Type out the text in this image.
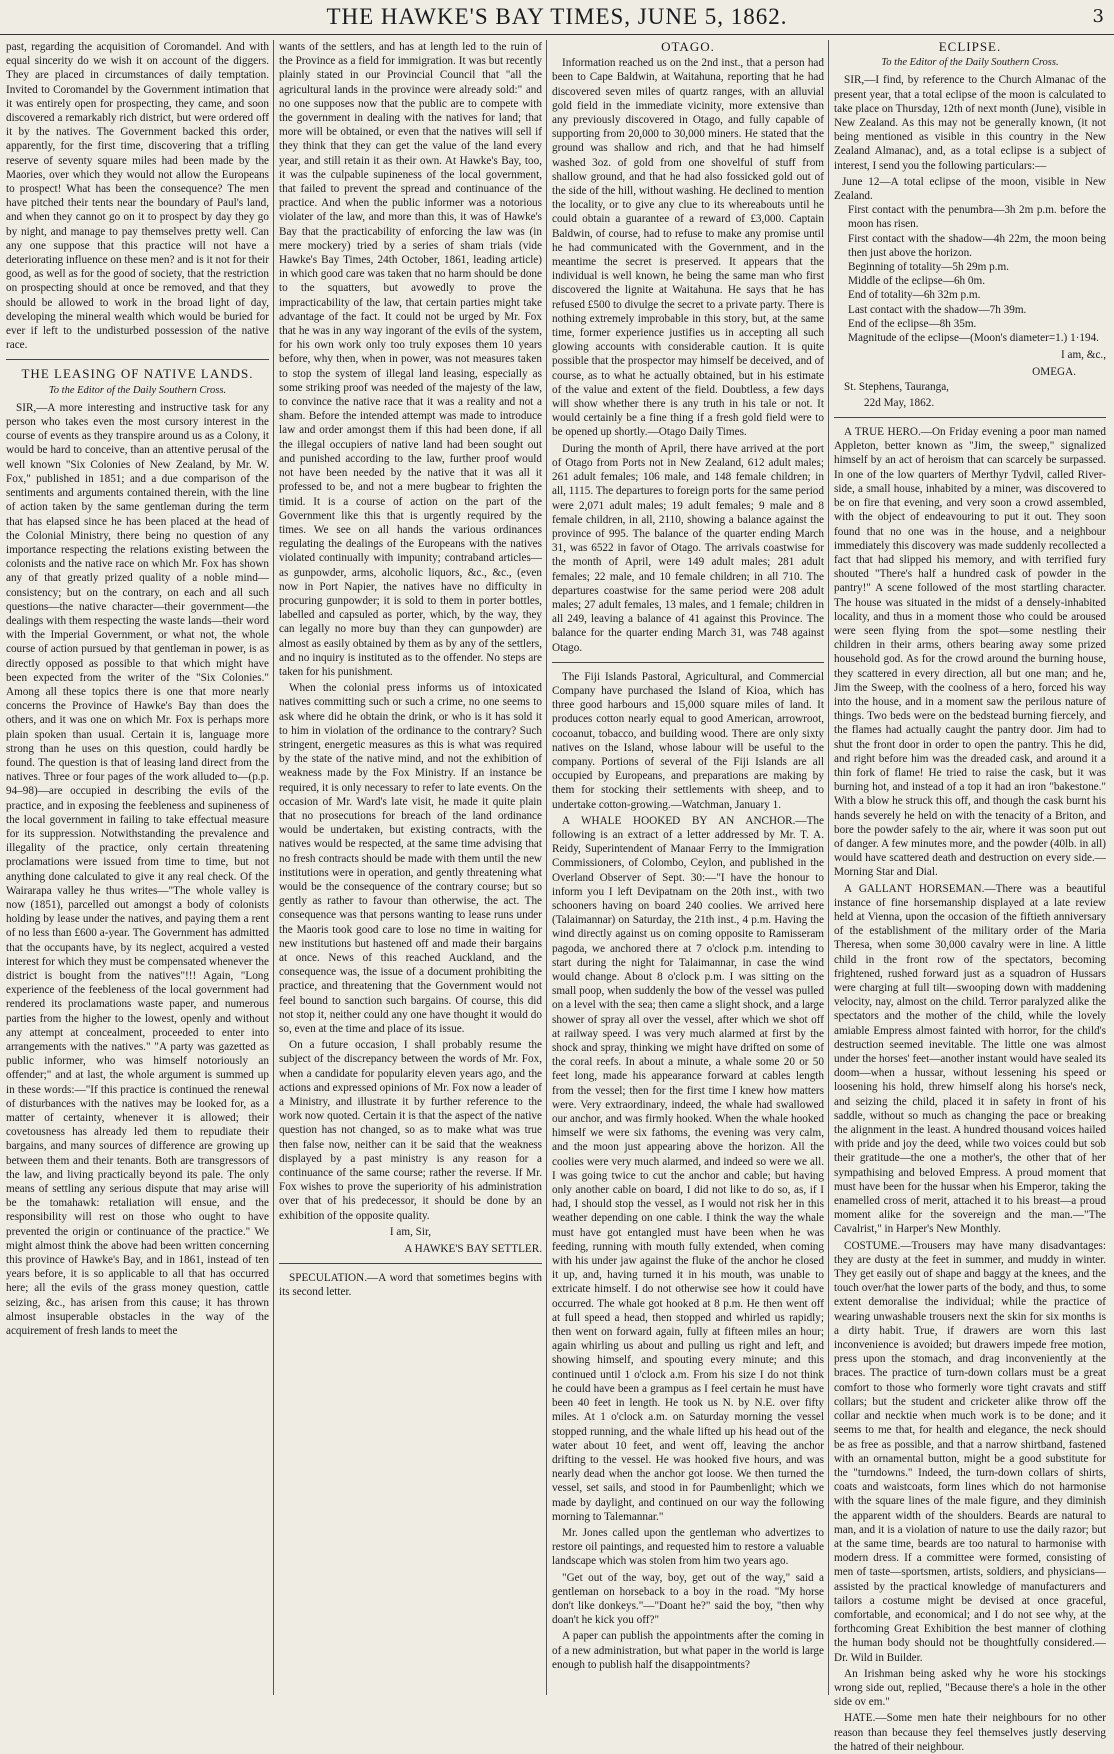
THE HAWKE'S BAY TIMES, JUNE 5, 1862.	3

past, regarding the acquisition of Coromandel. And with equal sincerity do we wish it on account of the diggers. They are placed in circumstances of daily temptation. Invited to Coromandel by the Government intimation that it was entirely open for prospecting, they came, and soon discovered a remarkably rich district, but were ordered off it by the natives. The Government backed this order, apparently, for the first time, discovering that a trifling reserve of seventy square miles had been made by the Maories, over which they would not allow the Europeans to prospect! What has been the consequence? The men have pitched their tents near the boundary of Paul's land, and when they cannot go on it to prospect by day they go by night, and manage to pay themselves pretty well. Can any one suppose that this practice will not have a deteriorating influence on these men? and is it not for their good, as well as for the good of society, that the restriction on prospecting should at once be removed, and that they should be allowed to work in the broad light of day, developing the mineral wealth which would be buried for ever if left to the undisturbed possession of the native race.

THE LEASING OF NATIVE LANDS.
To the Editor of the Daily Southern Cross.

SIR,—A more interesting and instructive task for any person who takes even the most cursory interest in the course of events as they transpire around us as a Colony, it would be hard to conceive, than an attentive perusal of the well known "Six Colonies of New Zealand, by Mr. W. Fox," published in 1851; and a due comparison of the sentiments and arguments contained therein, with the line of action taken by the same gentleman during the term that has elapsed since he has been placed at the head of the Colonial Ministry, there being no question of any importance respecting the relations existing between the colonists and the native race on which Mr. Fox has shown any of that greatly prized quality of a noble mind—consistency; but on the contrary, on each and all such questions—the native character—their government—the dealings with them respecting the waste lands—their word with the Imperial Government, or what not, the whole course of action pursued by that gentleman in power, is as directly opposed as possible to that which might have been expected from the writer of the "Six Colonies." Among all these topics there is one that more nearly concerns the Province of Hawke's Bay than does the others, and it was one on which Mr. Fox is perhaps more plain spoken than usual. Certain it is, language more strong than he uses on this question, could hardly be found. The question is that of leasing land direct from the natives. Three or four pages of the work alluded to—(p.p. 94–98)—are occupied in describing the evils of the practice, and in exposing the feebleness and supineness of the local government in failing to take effectual measure for its suppression. Notwithstanding the prevalence and illegality of the practice, only certain threatening proclamations were issued from time to time, but not anything done calculated to give it any real check. Of the Wairarapa valley he thus writes—"The whole valley is now (1851), parcelled out amongst a body of colonists holding by lease under the natives, and paying them a rent of no less than £600 a-year. The Government has admitted that the occupants have, by its neglect, acquired a vested interest for which they must be compensated whenever the district is bought from the natives"!!! Again, "Long experience of the feebleness of the local government had rendered its proclamations waste paper, and numerous parties from the higher to the lowest, openly and without any attempt at concealment, proceeded to enter into arrangements with the natives." "A party was gazetted as public informer, who was himself notoriously an offender;" and at last, the whole argument is summed up in these words:—"If this practice is continued the renewal of disturbances with the natives may be looked for, as a matter of certainty, whenever it is allowed; their covetousness has already led them to repudiate their bargains, and many sources of difference are growing up between them and their tenants. Both are transgressors of the law, and living practically beyond its pale. The only means of settling any serious dispute that may arise will be the tomahawk: retaliation will ensue, and the responsibility will rest on those who ought to have prevented the origin or continuance of the practice." We might almost think the above had been written concerning this province of Hawke's Bay, and in 1861, instead of ten years before, it is so applicable to all that has occurred here; all the evils of the grass money question, cattle seizing, &c., has arisen from this cause; it has thrown almost insuperable obstacles in the way of the acquirement of fresh lands to meet the

wants of the settlers, and has at length led to the ruin of the Province as a field for immigration. It was but recently plainly stated in our Provincial Council that "all the agricultural lands in the province were already sold:" and no one supposes now that the public are to compete with the government in dealing with the natives for land; that more will be obtained, or even that the natives will sell if they think that they can get the value of the land every year, and still retain it as their own. At Hawke's Bay, too, it was the culpable supineness of the local government, that failed to prevent the spread and continuance of the practice. And when the public informer was a notorious violater of the law, and more than this, it was of Hawke's Bay that the practicability of enforcing the law was (in mere mockery) tried by a series of sham trials (vide Hawke's Bay Times, 24th October, 1861, leading article) in which good care was taken that no harm should be done to the squatters, but avowedly to prove the impracticability of the law, that certain parties might take advantage of the fact. It could not be urged by Mr. Fox that he was in any way ingorant of the evils of the system, for his own work only too truly exposes them 10 years before, why then, when in power, was not measures taken to stop the system of illegal land leasing, especially as some striking proof was needed of the majesty of the law, to convince the native race that it was a reality and not a sham. Before the intended attempt was made to introduce law and order amongst them if this had been done, if all the illegal occupiers of native land had been sought out and punished according to the law, further proof would not have been needed by the native that it was all it professed to be, and not a mere bugbear to frighten the timid. It is a course of action on the part of the Government like this that is urgently required by the times. We see on all hands the various ordinances regulating the dealings of the Europeans with the natives violated continually with impunity; contraband articles—as gunpowder, arms, alcoholic liquors, &c., &c., (even now in Port Napier, the natives have no difficulty in procuring gunpowder; it is sold to them in porter bottles, labelled and capsuled as porter, which, by the way, they can legally no more buy than they can gunpowder) are almost as easily obtained by them as by any of the settlers, and no inquiry is instituted as to the offender. No steps are taken for his punishment.

When the colonial press informs us of intoxicated natives committing such or such a crime, no one seems to ask where did he obtain the drink, or who is it has sold it to him in violation of the ordinance to the contrary? Such stringent, energetic measures as this is what was required by the state of the native mind, and not the exhibition of weakness made by the Fox Ministry. If an instance be required, it is only necessary to refer to late events. On the occasion of Mr. Ward's late visit, he made it quite plain that no prosecutions for breach of the land ordinance would be undertaken, but existing contracts, with the natives would be respected, at the same time advising that no fresh contracts should be made with them until the new institutions were in operation, and gently threatening what would be the consequence of the contrary course; but so gently as rather to favour than otherwise, the act. The consequence was that persons wanting to lease runs under the Maoris took good care to lose no time in waiting for new institutions but hastened off and made their bargains at once. News of this reached Auckland, and the consequence was, the issue of a document prohibiting the practice, and threatening that the Government would not feel bound to sanction such bargains. Of course, this did not stop it, neither could any one have thought it would do so, even at the time and place of its issue.

On a future occasion, I shall probably resume the subject of the discrepancy between the words of Mr. Fox, when a candidate for popularity eleven years ago, and the actions and expressed opinions of Mr. Fox now a leader of a Ministry, and illustrate it by further reference to the work now quoted. Certain it is that the aspect of the native question has not changed, so as to make what was true then false now, neither can it be said that the weakness displayed by a past ministry is any reason for a continuance of the same course; rather the reverse. If Mr. Fox wishes to prove the superiority of his administration over that of his predecessor, it should be done by an exhibition of the opposite quality.

I am, Sir,

A HAWKE'S BAY SETTLER.

SPECULATION.—A word that sometimes begins with its second letter.

OTAGO.

Information reached us on the 2nd inst., that a person had been to Cape Baldwin, at Waitahuna, reporting that he had discovered seven miles of quartz ranges, with an alluvial gold field in the immediate vicinity, more extensive than any previously discovered in Otago, and fully capable of supporting from 20,000 to 30,000 miners. He stated that the ground was shallow and rich, and that he had himself washed 3oz. of gold from one shovelful of stuff from shallow ground, and that he had also fossicked gold out of the side of the hill, without washing. He declined to mention the locality, or to give any clue to its whereabouts until he could obtain a guarantee of a reward of £3,000. Captain Baldwin, of course, had to refuse to make any promise until he had communicated with the Government, and in the meantime the secret is preserved. It appears that the individual is well known, he being the same man who first discovered the lignite at Waitahuna. He says that he has refused £500 to divulge the secret to a private party. There is nothing extremely improbable in this story, but, at the same time, former experience justifies us in accepting all such glowing accounts with considerable caution. It is quite possible that the prospector may himself be deceived, and of course, as to what he actually obtained, but in his estimate of the value and extent of the field. Doubtless, a few days will show whether there is any truth in his tale or not. It would certainly be a fine thing if a fresh gold field were to be opened up shortly.—Otago Daily Times.

During the month of April, there have arrived at the port of Otago from Ports not in New Zealand, 612 adult males; 261 adult females; 106 male, and 148 female children; in all, 1115. The departures to foreign ports for the same period were 2,071 adult males; 19 adult females; 9 male and 8 female children, in all, 2110, showing a balance against the province of 995. The balance of the quarter ending March 31, was 6522 in favor of Otago. The arrivals coastwise for the month of April, were 149 adult males; 281 adult females; 22 male, and 10 female children; in all 710. The departures coastwise for the same period were 208 adult males; 27 adult females, 13 males, and 1 female; children in all 249, leaving a balance of 41 against this Province. The balance for the quarter ending March 31, was 748 against Otago.

The Fiji Islands Pastoral, Agricultural, and Commercial Company have purchased the Island of Kioa, which has three good harbours and 15,000 square miles of land. It produces cotton nearly equal to good American, arrowroot, cocoanut, tobacco, and building wood. There are only sixty natives on the Island, whose labour will be useful to the company. Portions of several of the Fiji Islands are all occupied by Europeans, and preparations are making by them for stocking their settlements with sheep, and to undertake cotton-growing.—Watchman, January 1.

A WHALE HOOKED BY AN ANCHOR.—The following is an extract of a letter addressed by Mr. T. A. Reidy, Superintendent of Manaar Ferry to the Immigration Commissioners, of Colombo, Ceylon, and published in the Overland Observer of Sept. 30:—"I have the honour to inform you I left Devipatnam on the 20th inst., with two schooners having on board 240 coolies. We arrived here (Talaimannar) on Saturday, the 21th inst., 4 p.m. Having the wind directly against us on coming opposite to Ramisseram pagoda, we anchored there at 7 o'clock p.m. intending to start during the night for Talaimannar, in case the wind would change. About 8 o'clock p.m. I was sitting on the small poop, when suddenly the bow of the vessel was pulled on a level with the sea; then came a slight shock, and a large shower of spray all over the vessel, after which we shot off at railway speed. I was very much alarmed at first by the shock and spray, thinking we might have drifted on some of the coral reefs. In about a minute, a whale some 20 or 50 feet long, made his appearance forward at cables length from the vessel; then for the first time I knew how matters were. Very extraordinary, indeed, the whale had swallowed our anchor, and was firmly hooked. When the whale hooked himself we were six fathoms, the evening was very calm, and the moon just appearing above the horizon. All the coolies were very much alarmed, and indeed so were we all. I was going twice to cut the anchor and cable; but having only another cable on board, I did not like to do so, as, if I had, I should stop the vessel, as I would not risk her in this weather depending on one cable. I think the way the whale must have got entangled must have been when he was feeding, running with mouth fully extended, when coming with his under jaw against the fluke of the anchor he closed it up, and, having turned it in his mouth, was unable to extricate himself. I do not otherwise see how it could have occurred. The whale got hooked at 8 p.m. He then went off at full speed a head, then stopped and whirled us rapidly; then went on forward again, fully at fifteen miles an hour; again whirling us about and pulling us right and left, and showing himself, and spouting every minute; and this continued until 1 o'clock a.m. From his size I do not think he could have been a grampus as I feel certain he must have been 40 feet in length. He took us N. by N.E. over fifty miles. At 1 o'clock a.m. on Saturday morning the vessel stopped running, and the whale lifted up his head out of the water about 10 feet, and went off, leaving the anchor drifting to the vessel. He was hooked five hours, and was nearly dead when the anchor got loose. We then turned the vessel, set sails, and stood in for Paumbenlight; which we made by daylight, and continued on our way the following morning to Talemannar."

Mr. Jones called upon the gentleman who advertizes to restore oil paintings, and requested him to restore a valuable landscape which was stolen from him two years ago.

"Get out of the way, boy, get out of the way," said a gentleman on horseback to a boy in the road. "My horse don't like donkeys."—"Doant he?" said the boy, "then why doan't he kick you off?"

A paper can publish the appointments after the coming in of a new administration, but what paper in the world is large enough to publish half the disappointments?

ECLIPSE.
To the Editor of the Daily Southern Cross.

SIR,—I find, by reference to the Church Almanac of the present year, that a total eclipse of the moon is calculated to take place on Thursday, 12th of next month (June), visible in New Zealand. As this may not be generally known, (it not being mentioned as visible in this country in the New Zealand Almanac), and, as a total eclipse is a subject of interest, I send you the following particulars:—

June 12—A total eclipse of the moon, visible in New Zealand.

First contact with the penumbra—3h 2m p.m. before the moon has risen.

First contact with the shadow—4h 22m, the moon being then just above the horizon.

Beginning of totality—5h 29m p.m.

Middle of the eclipse—6h 0m.

End of totality—6h 32m p.m.

Last contact with the shadow—7h 39m.

End of the eclipse—8h 35m.

Magnitude of the eclipse—(Moon's diameter=1.) 1·194.

I am, &c.,

OMEGA.

St. Stephens, Tauranga,

22d May, 1862.

A TRUE HERO.—On Friday evening a poor man named Appleton, better known as "Jim, the sweep," signalized himself by an act of heroism that can scarcely be surpassed. In one of the low quarters of Merthyr Tydvil, called River-side, a small house, inhabited by a miner, was discovered to be on fire that evening, and very soon a crowd assembled, with the object of endeavouring to put it out. They soon found that no one was in the house, and a neighbour immediately this discovery was made suddenly recollected a fact that had slipped his memory, and with terrified fury shouted "There's half a hundred cask of powder in the pantry!" A scene followed of the most startling character. The house was situated in the midst of a densely-inhabited locality, and thus in a moment those who could be aroused were seen flying from the spot—some nestling their children in their arms, others bearing away some prized household god. As for the crowd around the burning house, they scattered in every direction, all but one man; and he, Jim the Sweep, with the coolness of a hero, forced his way into the house, and in a moment saw the perilous nature of things. Two beds were on the bedstead burning fiercely, and the flames had actually caught the pantry door. Jim had to shut the front door in order to open the pantry. This he did, and right before him was the dreaded cask, and around it a thin fork of flame! He tried to raise the cask, but it was burning hot, and instead of a top it had an iron "bakestone." With a blow he struck this off, and though the cask burnt his hands severely he held on with the tenacity of a Briton, and bore the powder safely to the air, where it was soon put out of danger. A few minutes more, and the powder (40lb. in all) would have scattered death and destruction on every side.—Morning Star and Dial.

A GALLANT HORSEMAN.—There was a beautiful instance of fine horsemanship displayed at a late review held at Vienna, upon the occasion of the fiftieth anniversary of the establishment of the military order of the Maria Theresa, when some 30,000 cavalry were in line. A little child in the front row of the spectators, becoming frightened, rushed forward just as a squadron of Hussars were charging at full tilt—swooping down with maddening velocity, nay, almost on the child. Terror paralyzed alike the spectators and the mother of the child, while the lovely amiable Empress almost fainted with horror, for the child's destruction seemed inevitable. The little one was almost under the horses' feet—another instant would have sealed its doom—when a hussar, without lessening his speed or loosening his hold, threw himself along his horse's neck, and seizing the child, placed it in safety in front of his saddle, without so much as changing the pace or breaking the alignment in the least. A hundred thousand voices hailed with pride and joy the deed, while two voices could but sob their gratitude—the one a mother's, the other that of her sympathising and beloved Empress. A proud moment that must have been for the hussar when his Emperor, taking the enamelled cross of merit, attached it to his breast—a proud moment alike for the sovereign and the man.—"The Cavalrist," in Harper's New Monthly.

COSTUME.—Trousers may have many disadvantages: they are dusty at the feet in summer, and muddy in winter. They get easily out of shape and baggy at the knees, and the touch over/hat the lower parts of the body, and thus, to some extent demoralise the individual; while the practice of wearing unwashable trousers next the skin for six months is a dirty habit. True, if drawers are worn this last inconvenience is avoided; but drawers impede free motion, press upon the stomach, and drag inconveniently at the braces. The practice of turn-down collars must be a great comfort to those who formerly wore tight cravats and stiff collars; but the student and cricketer alike throw off the collar and necktie when much work is to be done; and it seems to me that, for health and elegance, the neck should be as free as possible, and that a narrow shirtband, fastened with an ornamental button, might be a good substitute for the "turndowns." Indeed, the turn-down collars of shirts, coats and waistcoats, form lines which do not harmonise with the square lines of the male figure, and they diminish the apparent width of the shoulders. Beards are natural to man, and it is a violation of nature to use the daily razor; but at the same time, beards are too natural to harmonise with modern dress. If a committee were formed, consisting of men of taste—sportsmen, artists, soldiers, and physicians—assisted by the practical knowledge of manufacturers and tailors a costume might be devised at once graceful, comfortable, and economical; and I do not see why, at the forthcoming Great Exhibition the best manner of clothing the human body should not be thoughtfully considered.—Dr. Wild in Builder.

An Irishman being asked why he wore his stockings wrong side out, replied, "Because there's a hole in the other side ov em."

HATE.—Some men hate their neighbours for no other reason than because they feel themselves justly deserving the hatred of their neighbour.
